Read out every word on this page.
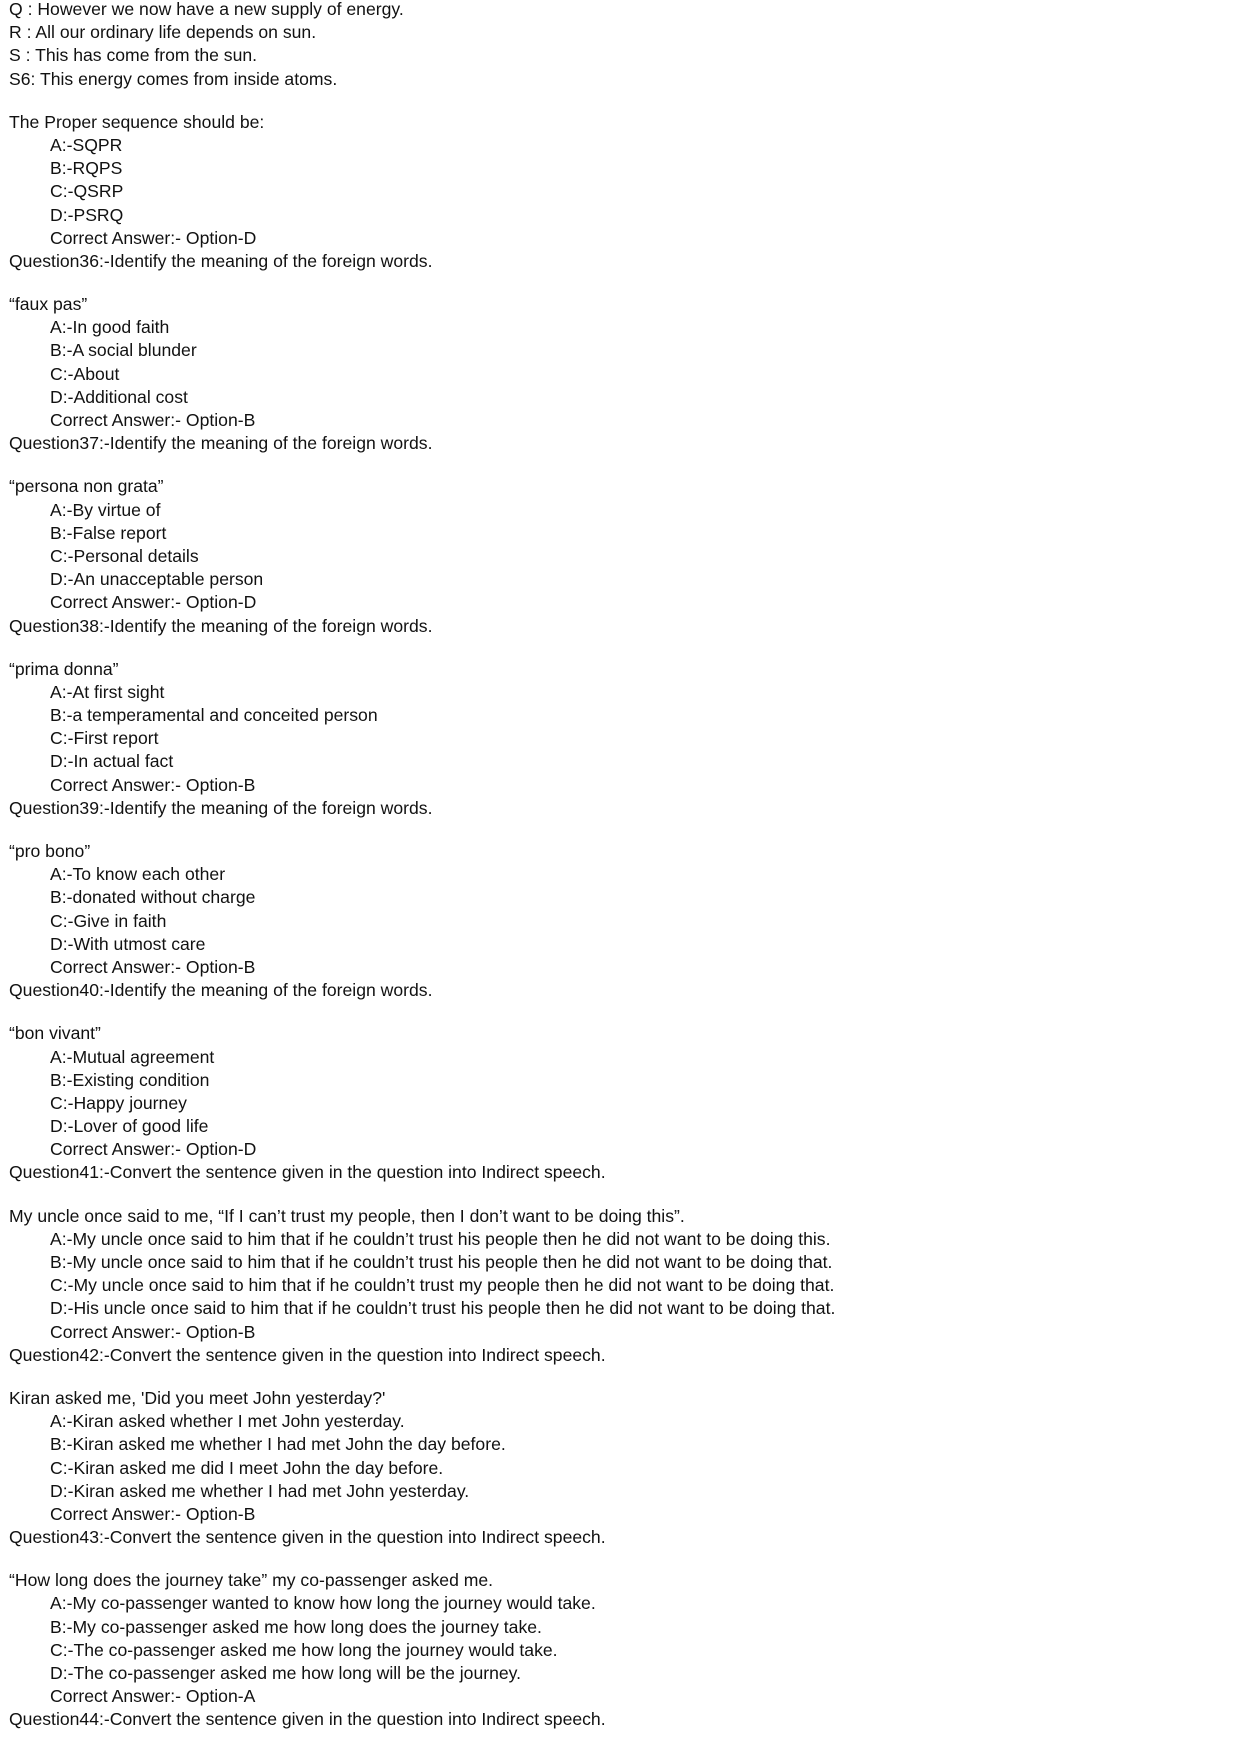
Q : However we now have a new supply of energy.
R : All our ordinary life depends on sun.
S : This has come from the sun.
S6: This energy comes from inside atoms.
The Proper sequence should be:
A:-SQPR
B:-RQPS
C:-QSRP
D:-PSRQ
Correct Answer:- Option-D
Question36:-Identify the meaning of the foreign words.
“faux pas”
A:-In good faith
B:-A social blunder
C:-About
D:-Additional cost
Correct Answer:- Option-B
Question37:-Identify the meaning of the foreign words.
“persona non grata”
A:-By virtue of
B:-False report
C:-Personal details
D:-An unacceptable person
Correct Answer:- Option-D
Question38:-Identify the meaning of the foreign words.
“prima donna”
A:-At first sight
B:-a temperamental and conceited person
C:-First report
D:-In actual fact
Correct Answer:- Option-B
Question39:-Identify the meaning of the foreign words.
“pro bono”
A:-To know each other
B:-donated without charge
C:-Give in faith
D:-With utmost care
Correct Answer:- Option-B
Question40:-Identify the meaning of the foreign words.
“bon vivant”
A:-Mutual agreement
B:-Existing condition
C:-Happy journey
D:-Lover of good life
Correct Answer:- Option-D
Question41:-Convert the sentence given in the question into Indirect speech.
My uncle once said to me, “If I can’t trust my people, then I don’t want to be doing this”.
A:-My uncle once said to him that if he couldn’t trust his people then he did not want to be doing this.
B:-My uncle once said to him that if he couldn’t trust his people then he did not want to be doing that.
C:-My uncle once said to him that if he couldn’t trust my people then he did not want to be doing that.
D:-His uncle once said to him that if he couldn’t trust his people then he did not want to be doing that.
Correct Answer:- Option-B
Question42:-Convert the sentence given in the question into Indirect speech.
Kiran asked me, 'Did you meet John yesterday?'
A:-Kiran asked whether I met John yesterday.
B:-Kiran asked me whether I had met John the day before.
C:-Kiran asked me did I meet John the day before.
D:-Kiran asked me whether I had met John yesterday.
Correct Answer:- Option-B
Question43:-Convert the sentence given in the question into Indirect speech.
“How long does the journey take” my co-passenger asked me.
A:-My co-passenger wanted to know how long the journey would take.
B:-My co-passenger asked me how long does the journey take.
C:-The co-passenger asked me how long the journey would take.
D:-The co-passenger asked me how long will be the journey.
Correct Answer:- Option-A
Question44:-Convert the sentence given in the question into Indirect speech.
